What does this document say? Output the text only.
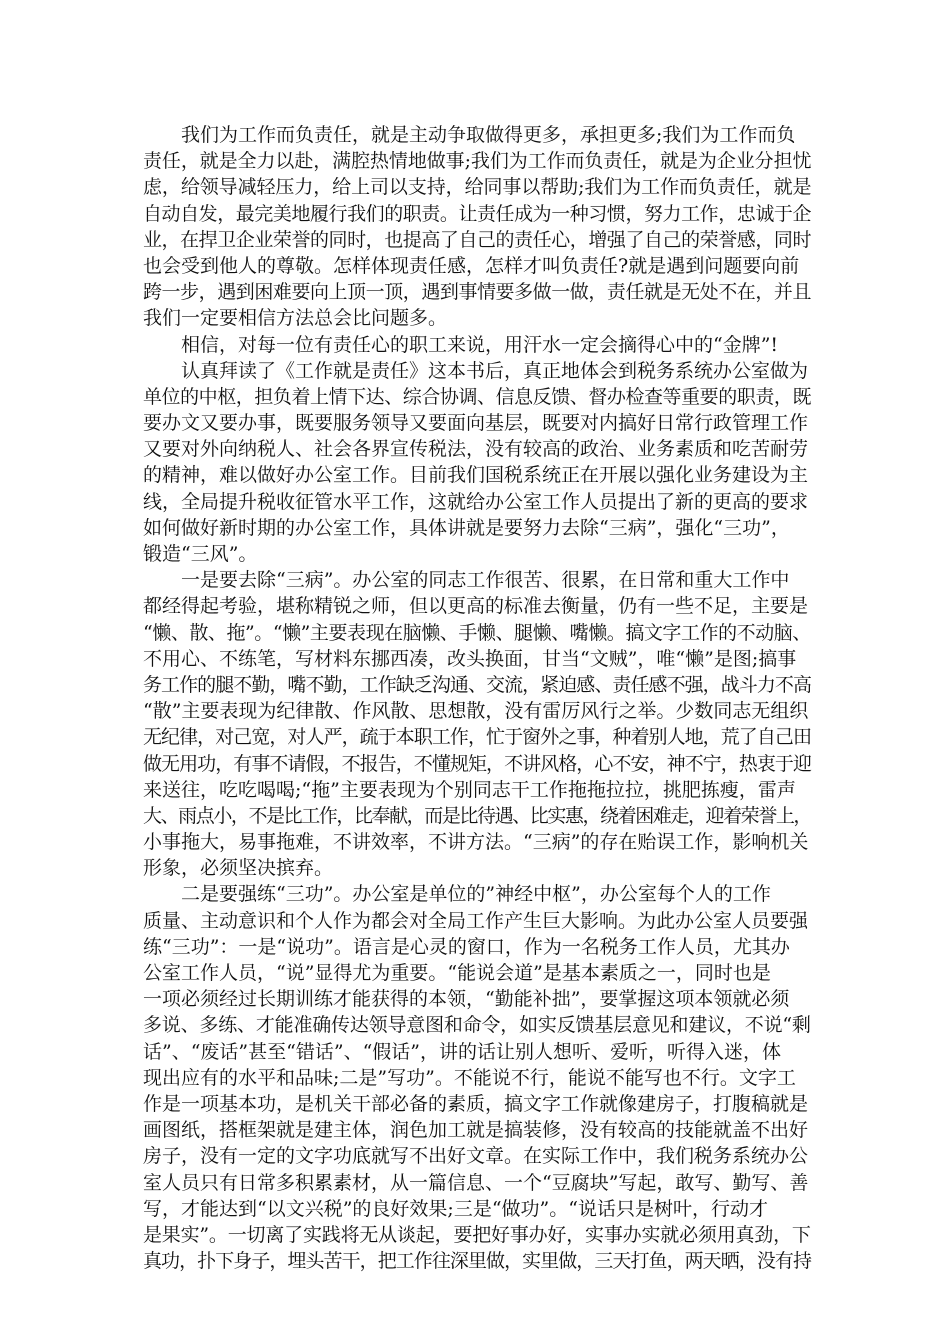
我们为工作而负责任，就是主动争取做得更多，承担更多;我们为工作而负
责任，就是全力以赴，满腔热情地做事;我们为工作而负责任，就是为企业分担忧
虑，给领导减轻压力，给上司以支持，给同事以帮助;我们为工作而负责任，就是
自动自发，最完美地履行我们的职责。让责任成为一种习惯，努力工作，忠诚于企
业，在捍卫企业荣誉的同时，也提高了自己的责任心，增强了自己的荣誉感，同时
也会受到他人的尊敬。怎样体现责任感，怎样才叫负责任?就是遇到问题要向前
跨一步，遇到困难要向上顶一顶，遇到事情要多做一做，责任就是无处不在，并且
我们一定要相信方法总会比问题多。
相信，对每一位有责任心的职工来说，用汗水一定会摘得心中的“金牌”!
认真拜读了《工作就是责任》这本书后，真正地体会到税务系统办公室做为
单位的中枢，担负着上情下达、综合协调、信息反馈、督办检查等重要的职责，既
要办文又要办事，既要服务领导又要面向基层，既要对内搞好日常行政管理工作
又要对外向纳税人、社会各界宣传税法，没有较高的政治、业务素质和吃苦耐劳
的精神，难以做好办公室工作。目前我们国税系统正在开展以强化业务建设为主
线，全局提升税收征管水平工作，这就给办公室工作人员提出了新的更高的要求
如何做好新时期的办公室工作，具体讲就是要努力去除“三病”，强化“三功”，
锻造“三风”。
一是要去除“三病”。办公室的同志工作很苦、很累，在日常和重大工作中
都经得起考验，堪称精锐之师，但以更高的标准去衡量，仍有一些不足，主要是
“懒、散、拖”。“懒”主要表现在脑懒、手懒、腿懒、嘴懒。搞文字工作的不动脑、
不用心、不练笔，写材料东挪西凑，改头换面，甘当“文贼”，唯“懒”是图;搞事
务工作的腿不勤，嘴不勤，工作缺乏沟通、交流，紧迫感、责任感不强，战斗力不高
“散”主要表现为纪律散、作风散、思想散，没有雷厉风行之举。少数同志无组织
无纪律，对己宽，对人严，疏于本职工作，忙于窗外之事，种着别人地，荒了自己田
做无用功，有事不请假，不报告，不懂规矩，不讲风格，心不安，神不宁，热衷于迎
来送往，吃吃喝喝;“拖”主要表现为个别同志干工作拖拖拉拉，挑肥拣瘦，雷声
大、雨点小，不是比工作，比奉献，而是比待遇、比实惠，绕着困难走，迎着荣誉上，
小事拖大，易事拖难，不讲效率，不讲方法。“三病”的存在贻误工作，影响机关
形象，必须坚决摈弃。
二是要强练“三功”。办公室是单位的”神经中枢”，办公室每个人的工作
质量、主动意识和个人作为都会对全局工作产生巨大影响。为此办公室人员要强
练“三功”：一是“说功”。语言是心灵的窗口，作为一名税务工作人员，尤其办
公室工作人员，“说”显得尤为重要。“能说会道”是基本素质之一，同时也是
一项必须经过长期训练才能获得的本领，“勤能补拙”，要掌握这项本领就必须
多说、多练、才能准确传达领导意图和命令，如实反馈基层意见和建议，不说“剩
话”、“废话”甚至“错话”、“假话”，讲的话让别人想听、爱听，听得入迷，体
现出应有的水平和品味;二是”写功”。不能说不行，能说不能写也不行。文字工
作是一项基本功，是机关干部必备的素质，搞文字工作就像建房子，打腹稿就是
画图纸，搭框架就是建主体，润色加工就是搞装修，没有较高的技能就盖不出好
房子，没有一定的文字功底就写不出好文章。在实际工作中，我们税务系统办公
室人员只有日常多积累素材，从一篇信息、一个“豆腐块”写起，敢写、勤写、善
写，才能达到“以文兴税”的良好效果;三是“做功”。“说话只是树叶，行动才
是果实”。一切离了实践将无从谈起，要把好事办好，实事办实就必须用真劲，下
真功，扑下身子，埋头苦干，把工作往深里做，实里做，三天打鱼，两天晒，没有持
